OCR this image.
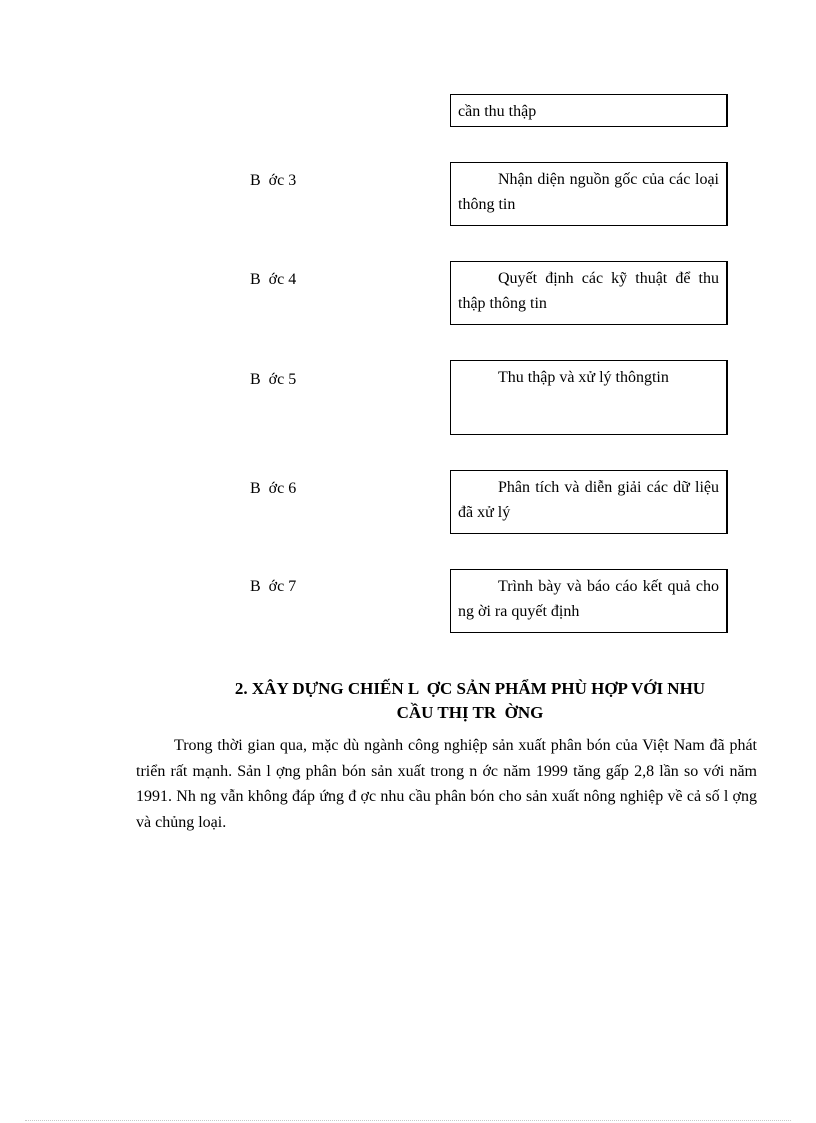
cần thu thập
B  ớc 3	Nhận diện nguồn gốc của các loại thông tin
B  ớc 4	Quyết định các kỹ thuật để thu thập thông tin
B  ớc 5	Thu thập và xử lý thôngtin
B  ớc 6	Phân tích và diễn giải các dữ liệu đã xử lý
B  ớc 7	Trình bày và báo cáo kết quả cho ng ời ra quyết định
2. XÂY DỰNG CHIẾN L  ỢC SẢN PHẨM PHÙ HỢP VỚI NHU
CẦU THỊ TR  ỜNG
Trong thời gian qua, mặc dù ngành công nghiệp sản xuất phân bón của Việt Nam đã phát triển rất mạnh. Sản l ợng phân bón sản xuất trong n ớc năm 1999 tăng gấp 2,8 lần so với năm 1991. Nh ng vẫn không đáp ứng đ ợc nhu cầu phân bón cho sản xuất nông nghiệp về cả số l ợng và chủng loại.
